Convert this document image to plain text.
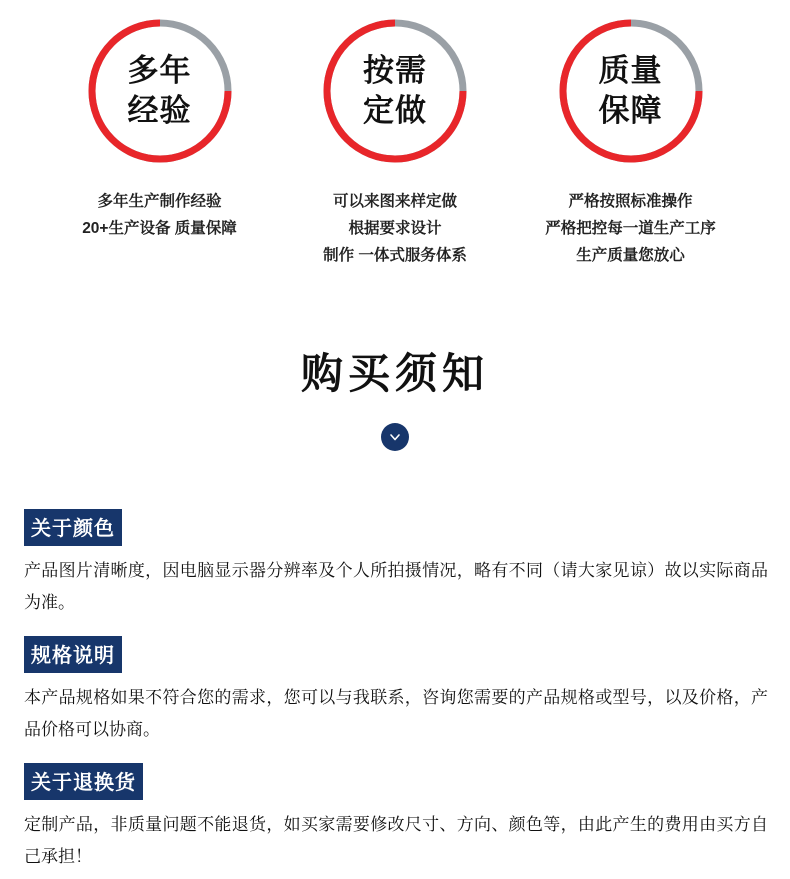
多年
经验
多年生产制作经验
20+生产设备 质量保障
按需
定做
可以来图来样定做
根据要求设计
制作 一体式服务体系
质量
保障
严格按照标准操作
严格把控每一道生产工序
生产质量您放心
购买须知
关于颜色
产品图片清晰度，因电脑显示器分辨率及个人所拍摄情况，略有不同（请大家见谅）故以实际商品为准。
规格说明
本产品规格如果不符合您的需求，您可以与我联系，咨询您需要的产品规格或型号，以及价格，产品价格可以协商。
关于退换货
定制产品，非质量问题不能退货，如买家需要修改尺寸、方向、颜色等，由此产生的费用由买方自己承担！
